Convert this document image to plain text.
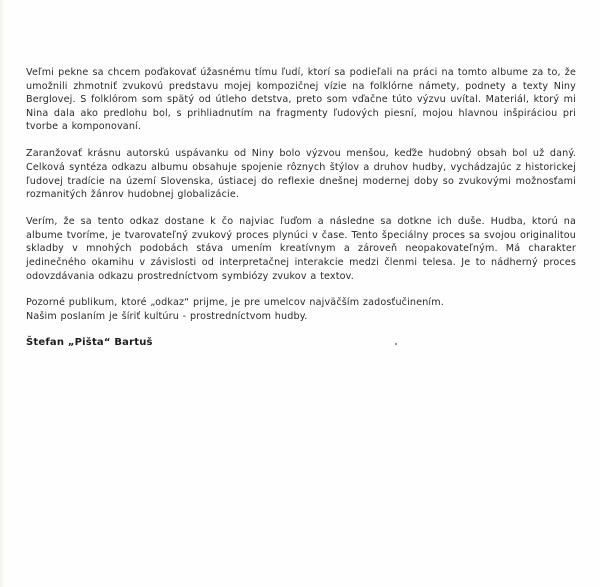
Veľmi pekne sa chcem poďakovať úžasnému tímu ľudí, ktorí sa podieľali na práci na tomto albume za to, že umožnili zhmotniť zvukovú predstavu mojej kompozičnej vízie na folklórne námety, podnety a texty Niny Berglovej. S folklórom som spätý od útleho detstva, preto som vďačne túto výzvu uvítal. Materiál, ktorý mi Nina dala ako predlohu bol, s prihliadnutím na fragmenty ľudových piesní, mojou hlavnou inšpiráciou pri tvorbe a komponovaní.

Zaranžovať krásnu autorskú uspávanku od Niny bolo výzvou menšou, keďže hudobný obsah bol už daný. Celková syntéza odkazu albumu obsahuje spojenie rôznych štýlov a druhov hudby, vychádzajúc z historickej ľudovej tradície na území Slovenska, ústiacej do reflexie dnešnej modernej doby so zvukovými možnosťami rozmanitých žánrov hudobnej globalizácie.

Verím, že sa tento odkaz dostane k čo najviac ľuďom a následne sa dotkne ich duše. Hudba, ktorú na albume tvoríme, je tvarovateľný zvukový proces plynúci v čase. Tento špeciálny proces sa svojou originalitou skladby v mnohých podobách stáva umením kreatívnym a zároveň neopakovateľným. Má charakter jedinečného okamihu v závislosti od interpretačnej interakcie medzi členmi telesa. Je to nádherný proces odovzdávania odkazu prostredníctvom symbiózy zvukov a textov.

Pozorné publikum, ktoré „odkaz“ prijme, je pre umelcov najväčším zadosťučinením.
Našim poslaním je šíriť kultúru - prostredníctvom hudby.

Štefan „Pišta“ Bartuš
